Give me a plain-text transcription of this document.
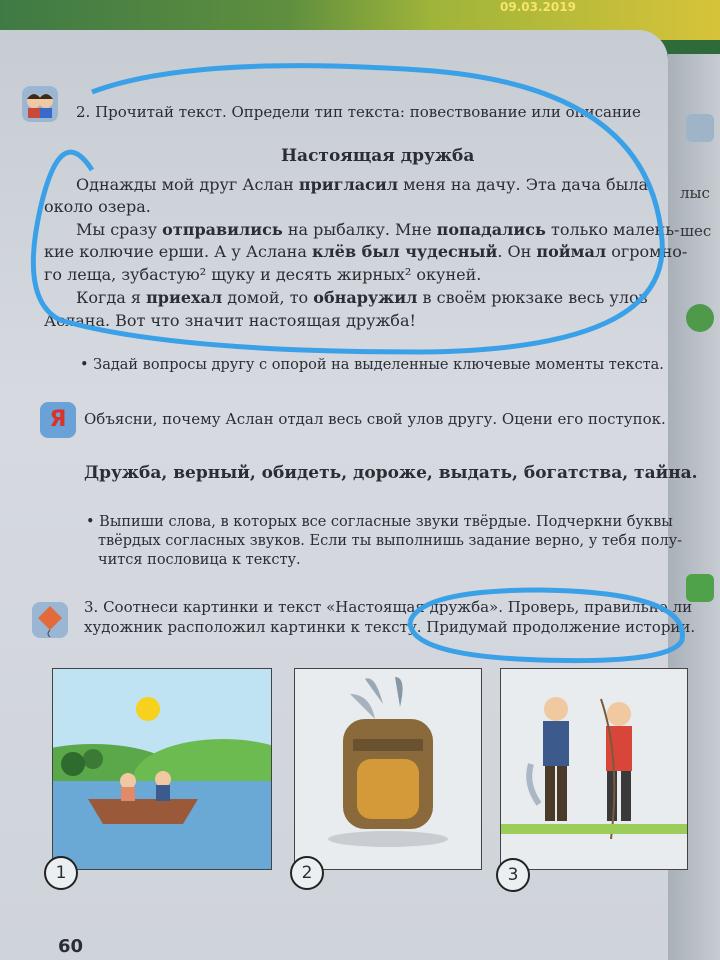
09.03.2019
лыс
шес
2. Прочитай текст. Определи тип текста: повествование или описание
Настоящая дружба
Однажды мой друг Аслан пригласил меня на дачу. Эта дача была
около озера.
Мы сразу отправились на рыбалку. Мне попадались только малень-
кие колючие ерши. А у Аслана клёв был чудесный. Он поймал огромно-
го леща, зубастую² щуку и десять жирных² окуней.
Когда я приехал домой, то обнаружил в своём рюкзаке весь улов
Аслана. Вот что значит настоящая дружба!
• Задай вопросы другу с опорой на выделенные ключевые моменты текста.
Я	Объясни, почему Аслан отдал весь свой улов другу. Оцени его поступок.
Дружба, верный, обидеть, дороже, выдать, богатства, тайна.
• Выпиши слова, в которых все согласные звуки твёрдые. Подчеркни буквы
твёрдых согласных звуков. Если ты выполнишь задание верно, у тебя полу-
чится пословица к тексту.
3. Соотнеси картинки и текст «Настоящая дружба». Проверь, правильно ли
художник расположил картинки к тексту. Придумай продолжение истории.
1	2	3
60
